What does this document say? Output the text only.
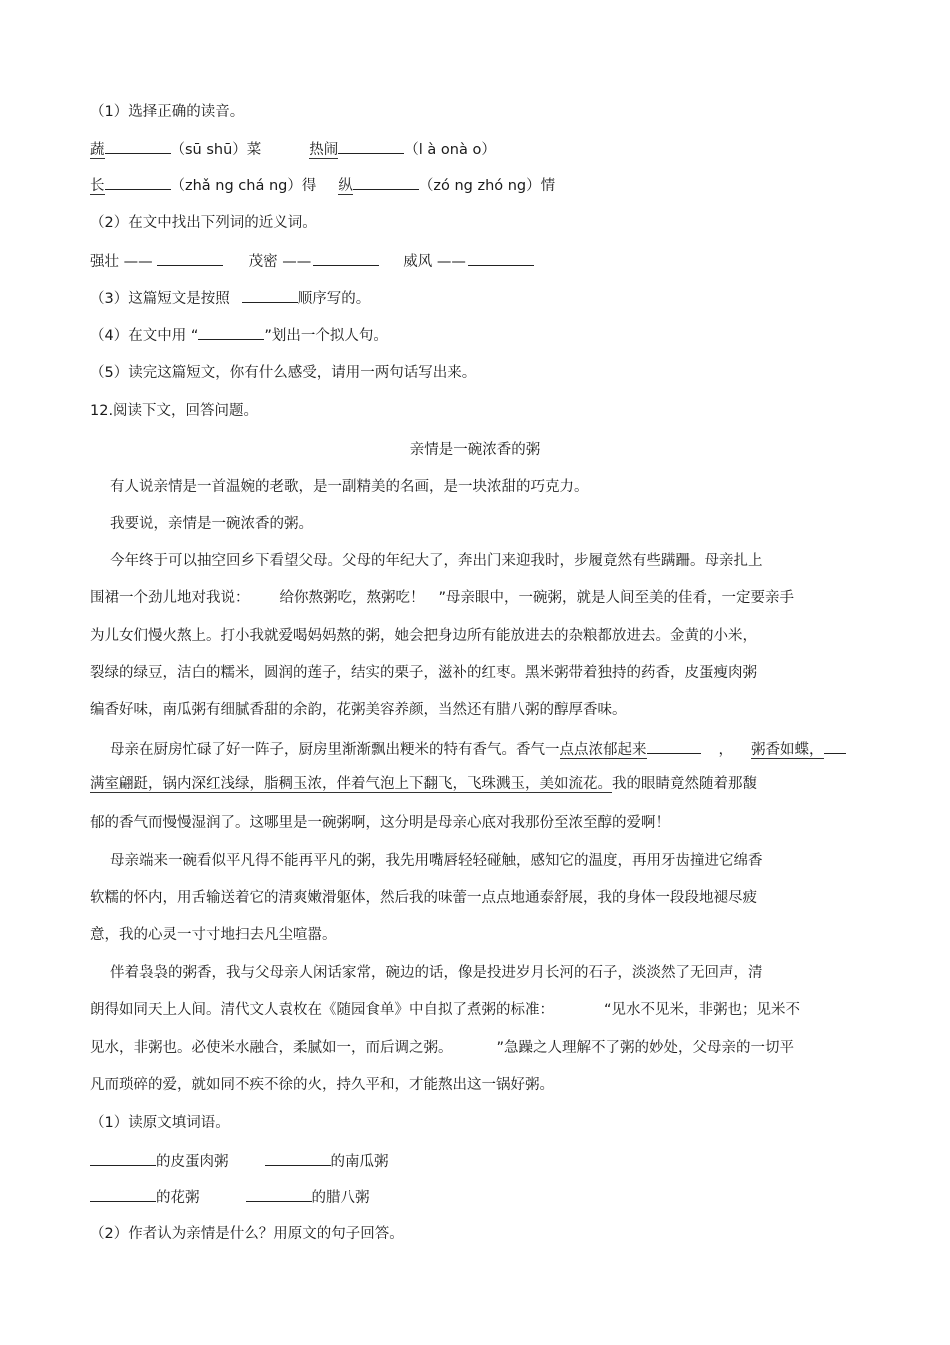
（1）选择正确的读音。
蔬	（sū shū）菜	热闹	（l à onà o）
长	（zhǎ ng chá ng）得 纵	（zó ng zhó ng）情
（2）在文中找出下列词的近义词。
强壮 ——	茂密 ——	威风 ——
（3）这篇短文是按照	顺序写的。
（4）在文中用 “	”划出一个拟人句。
（5）读完这篇短文，你有什么感受，请用一两句话写出来。
12.阅读下文，回答问题。
亲情是一碗浓香的粥
有人说亲情是一首温婉的老歌，是一副精美的名画，是一块浓甜的巧克力。
我要说，亲情是一碗浓香的粥。
今年终于可以抽空回乡下看望父母。父母的年纪大了，奔出门来迎我时，步履竟然有些蹒跚。母亲扎上
围裙一个劲儿地对我说： 给你熬粥吃，熬粥吃！ ”母亲眼中，一碗粥，就是人间至美的佳肴，一定要亲手
为儿女们慢火熬上。打小我就爱喝妈妈熬的粥，她会把身边所有能放进去的杂粮都放进去。金黄的小米，
裂绿的绿豆，洁白的糯米，圆润的莲子，结实的栗子，滋补的红枣。黑米粥带着独持的药香，皮蛋瘦肉粥
编香好味，南瓜粥有细腻香甜的余韵，花粥美容养颜，当然还有腊八粥的醇厚香味。
母亲在厨房忙碌了好一阵子，厨房里渐渐飘出粳米的特有香气。香气一点点浓郁起来	， 粥香如蝶，
满室翩跹，锅内深红浅绿，脂稠玉浓，伴着气泡上下翻飞，飞珠溅玉，美如流花。我的眼睛竟然随着那馥
郁的香气而慢慢湿润了。这哪里是一碗粥啊，这分明是母亲心底对我那份至浓至醇的爱啊！
母亲端来一碗看似平凡得不能再平凡的粥，我先用嘴唇轻轻碰触，感知它的温度，再用牙齿撞进它绵香
软糯的怀内，用舌输送着它的清爽嫩滑躯体，然后我的味蕾一点点地通泰舒展，我的身体一段段地褪尽疲
意，我的心灵一寸寸地扫去凡尘喧嚣。
伴着袅袅的粥香，我与父母亲人闲话家常，碗边的话，像是投进岁月长河的石子，淡淡然了无回声，清
朗得如同天上人间。清代文人袁枚在《随园食单》中自拟了煮粥的标准：	“见水不见米，非粥也；见米不
见水，非粥也。必使米水融合，柔腻如一，而后调之粥。	”急躁之人理解不了粥的妙处，父母亲的一切平
凡而琐碎的爱，就如同不疾不徐的火，持久平和，才能熬出这一锅好粥。
（1）读原文填词语。
的皮蛋肉粥	的南瓜粥
的花粥	的腊八粥
（2）作者认为亲情是什么？用原文的句子回答。
